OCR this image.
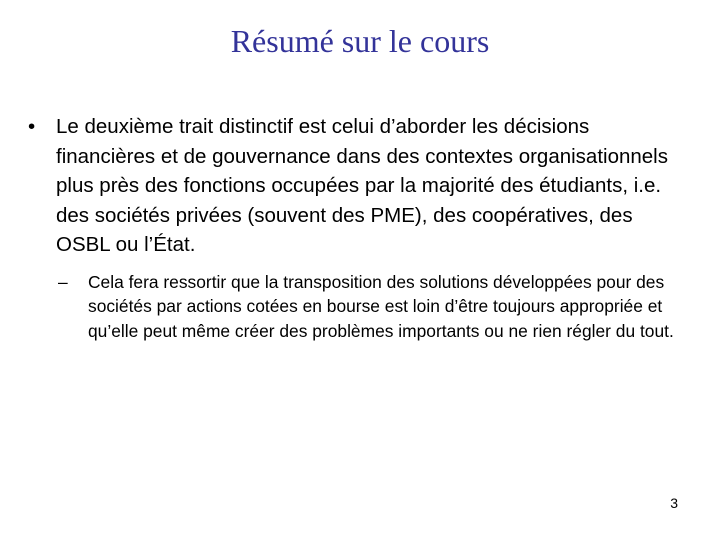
Résumé sur le cours
• Le deuxième trait distinctif est celui d’aborder les décisions financières et de gouvernance dans des contextes organisationnels plus près des fonctions occupées par la majorité des étudiants, i.e. des sociétés privées (souvent des PME), des coopératives, des OSBL ou l’État.
– Cela fera ressortir que la transposition des solutions développées pour des sociétés par actions cotées en bourse est loin d’être toujours appropriée et qu’elle peut même créer des problèmes importants ou ne rien régler du tout.
3
